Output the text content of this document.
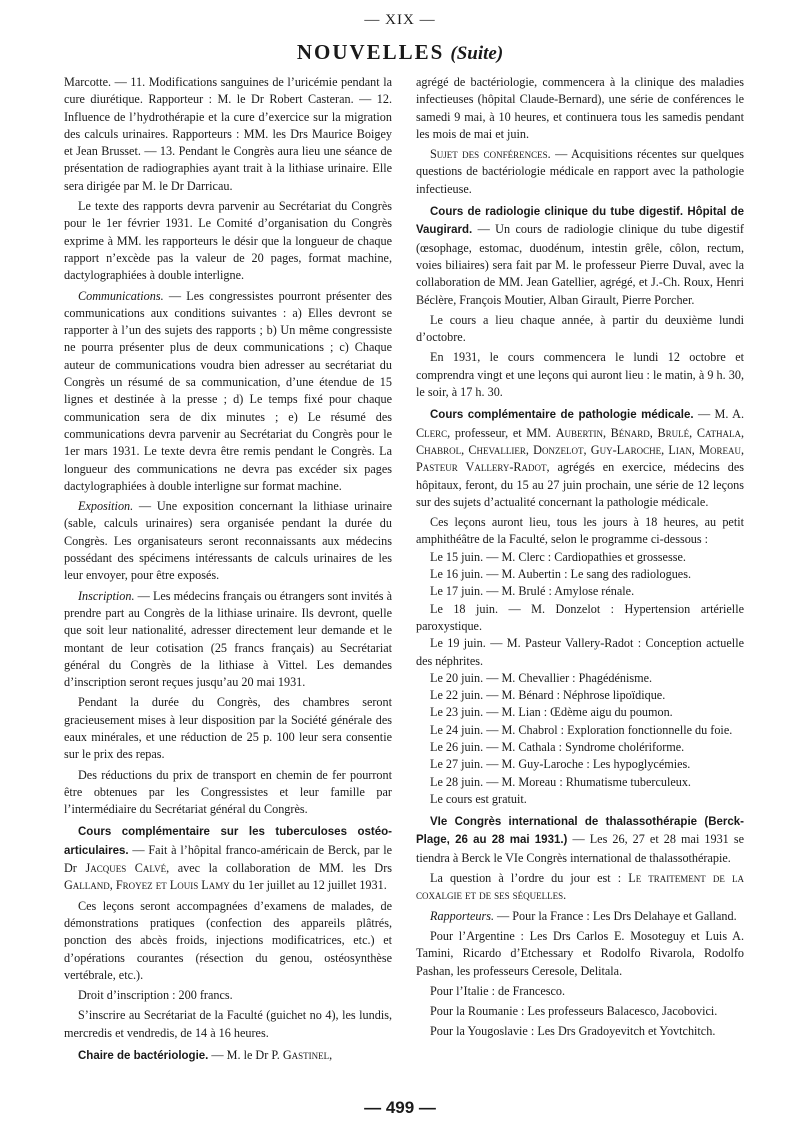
— XIX —
NOUVELLES (Suite)

Marcotte. — 11. Modifications sanguines de l’uricémie pendant la cure diurétique. Rapporteur : M. le Dr Robert Casteran. — 12. Influence de l’hydrothérapie et la cure d’exercice sur la migration des calculs urinaires. Rapporteurs : MM. les Drs Maurice Boigey et Jean Brusset. — 13. Pendant le Congrès aura lieu une séance de présentation de radiographies ayant trait à la lithiase urinaire. Elle sera dirigée par M. le Dr Darricau.

Le texte des rapports devra parvenir au Secrétariat du Congrès pour le 1er février 1931. Le Comité d’organisation du Congrès exprime à MM. les rapporteurs le désir que la longueur de chaque rapport n’excède pas la valeur de 20 pages, format machine, dactylographiées à double interligne.

Communications. — Les congressistes pourront présenter des communications aux conditions suivantes : a) Elles devront se rapporter à l’un des sujets des rapports ; b) Un même congressiste ne pourra présenter plus de deux communications ; c) Chaque auteur de communications voudra bien adresser au secrétariat du Congrès un résumé de sa communication, d’une étendue de 15 lignes et destinée à la presse ; d) Le temps fixé pour chaque communication sera de dix minutes ; e) Le résumé des communications devra parvenir au Secrétariat du Congrès pour le 1er mars 1931. Le texte devra être remis pendant le Congrès. La longueur des communications ne devra pas excéder six pages dactylographiées à double interligne sur format machine.

Exposition. — Une exposition concernant la lithiase urinaire (sable, calculs urinaires) sera organisée pendant la durée du Congrès. Les organisateurs seront reconnaissants aux médecins possédant des spécimens intéressants de calculs urinaires de les leur envoyer, pour être exposés.

Inscription. — Les médecins français ou étrangers sont invités à prendre part au Congrès de la lithiase urinaire. Ils devront, quelle que soit leur nationalité, adresser directement leur demande et le montant de leur cotisation (25 francs français) au Secrétariat général du Congrès de la lithiase à Vittel. Les demandes d’inscription seront reçues jusqu’au 20 mai 1931.

Pendant la durée du Congrès, des chambres seront gracieusement mises à leur disposition par la Société générale des eaux minérales, et une réduction de 25 p. 100 leur sera consentie sur le prix des repas.

Des réductions du prix de transport en chemin de fer pourront être obtenues par les Congressistes et leur famille par l’intermédiaire du Secrétariat général du Congrès.

Cours complémentaire sur les tuberculoses ostéo-articulaires. — Fait à l’hôpital franco-américain de Berck, par le Dr Jacques Calvé, avec la collaboration de MM. les Drs Galland, Froyez et Louis Lamy du 1er juillet au 12 juillet 1931.

Ces leçons seront accompagnées d’examens de malades, de démonstrations pratiques (confection des appareils plâtrés, ponction des abcès froids, injections modificatrices, etc.) et d’opérations courantes (résection du genou, ostéosynthèse vertébrale, etc.).

Droit d’inscription : 200 francs.

S’inscrire au Secrétariat de la Faculté (guichet no 4), les lundis, mercredis et vendredis, de 14 à 16 heures.

Chaire de bactériologie. — M. le Dr P. Gastinel,

agrégé de bactériologie, commencera à la clinique des maladies infectieuses (hôpital Claude-Bernard), une série de conférences le samedi 9 mai, à 10 heures, et continuera tous les samedis pendant les mois de mai et juin.

Sujet des conférences. — Acquisitions récentes sur quelques questions de bactériologie médicale en rapport avec la pathologie infectieuse.

Cours de radiologie clinique du tube digestif. Hôpital de Vaugirard. — Un cours de radiologie clinique du tube digestif (œsophage, estomac, duodénum, intestin grêle, côlon, rectum, voies biliaires) sera fait par M. le professeur Pierre Duval, avec la collaboration de MM. Jean Gatellier, agrégé, et J.-Ch. Roux, Henri Béclère, François Moutier, Alban Girault, Pierre Porcher.

Le cours a lieu chaque année, à partir du deuxième lundi d’octobre.

En 1931, le cours commencera le lundi 12 octobre et comprendra vingt et une leçons qui auront lieu : le matin, à 9 h. 30, le soir, à 17 h. 30.

Cours complémentaire de pathologie médicale. — M. A. Clerc, professeur, et MM. Aubertin, Bénard, Brulé, Cathala, Chabrol, Chevallier, Donzelot, Guy-Laroche, Lian, Moreau, Pasteur Vallery-Radot, agrégés en exercice, médecins des hôpitaux, feront, du 15 au 27 juin prochain, une série de 12 leçons sur des sujets d’actualité concernant la pathologie médicale.

Ces leçons auront lieu, tous les jours à 18 heures, au petit amphithéâtre de la Faculté, selon le programme ci-dessous :

Le 15 juin. — M. Clerc : Cardiopathies et grossesse.

Le 16 juin. — M. Aubertin : Le sang des radiologues.

Le 17 juin. — M. Brulé : Amylose rénale.

Le 18 juin. — M. Donzelot : Hypertension artérielle paroxystique.

Le 19 juin. — M. Pasteur Vallery-Radot : Conception actuelle des néphrites.

Le 20 juin. — M. Chevallier : Phagédénisme.

Le 22 juin. — M. Bénard : Néphrose lipoïdique.

Le 23 juin. — M. Lian : Œdème aigu du poumon.

Le 24 juin. — M. Chabrol : Exploration fonctionnelle du foie.

Le 26 juin. — M. Cathala : Syndrome cholériforme.

Le 27 juin. — M. Guy-Laroche : Les hypoglycémies.

Le 28 juin. — M. Moreau : Rhumatisme tuberculeux.

Le cours est gratuit.

VIe Congrès international de thalassothérapie (Berck-Plage, 26 au 28 mai 1931.) — Les 26, 27 et 28 mai 1931 se tiendra à Berck le VIe Congrès international de thalassothérapie.

La question à l’ordre du jour est : Le traitement de la coxalgie et de ses séquelles.

Rapporteurs. — Pour la France : Les Drs Delahaye et Galland.

Pour l’Argentine : Les Drs Carlos E. Mosoteguy et Luis A. Tamini, Ricardo d’Etchessary et Rodolfo Rivarola, Rodolfo Pashan, les professeurs Ceresole, Delitala.

Pour l’Italie : de Francesco.

Pour la Roumanie : Les professeurs Balacesco, Jacobovici.

Pour la Yougoslavie : Les Drs Gradoyevitch et Yovtchitch.

— 499 —
